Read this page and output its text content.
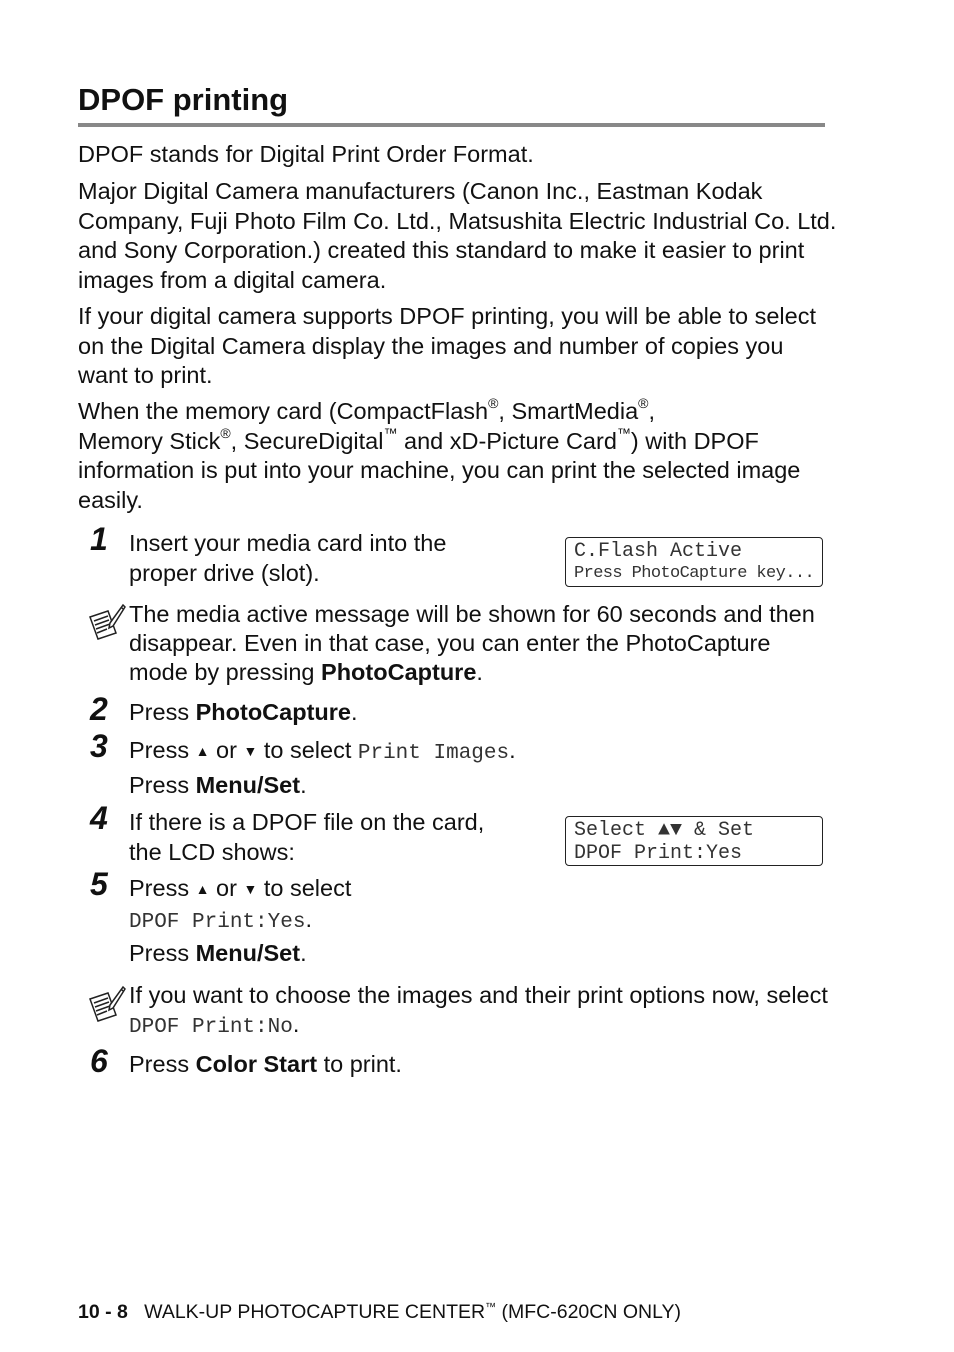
DPOF printing
DPOF stands for Digital Print Order Format.
Major Digital Camera manufacturers (Canon Inc., Eastman Kodak Company, Fuji Photo Film Co. Ltd., Matsushita Electric Industrial Co. Ltd. and Sony Corporation.) created this standard to make it easier to print images from a digital camera.
If your digital camera supports DPOF printing, you will be able to select on the Digital Camera display the images and number of copies you want to print.
When the memory card (CompactFlash®, SmartMedia®,
Memory Stick®, SecureDigital™ and xD-Picture Card™) with DPOF information is put into your machine, you can print the selected image easily.
1 Insert your media card into the
proper drive (slot).
C.Flash Active
Press PhotoCapture key...
The media active message will be shown for 60 seconds and then disappear. Even in that case, you can enter the PhotoCapture mode by pressing PhotoCapture.
2 Press PhotoCapture.
3 Press ▲ or ▼ to select Print Images.
Press Menu/Set.
4 If there is a DPOF file on the card,
the LCD shows:
Select ▲▼ & Set
DPOF Print:Yes
5 Press ▲ or ▼ to select
DPOF Print:Yes.
Press Menu/Set.
If you want to choose the images and their print options now, select DPOF Print:No.
6 Press Color Start to print.
10 - 8 WALK-UP PHOTOCAPTURE CENTER™ (MFC-620CN ONLY)
